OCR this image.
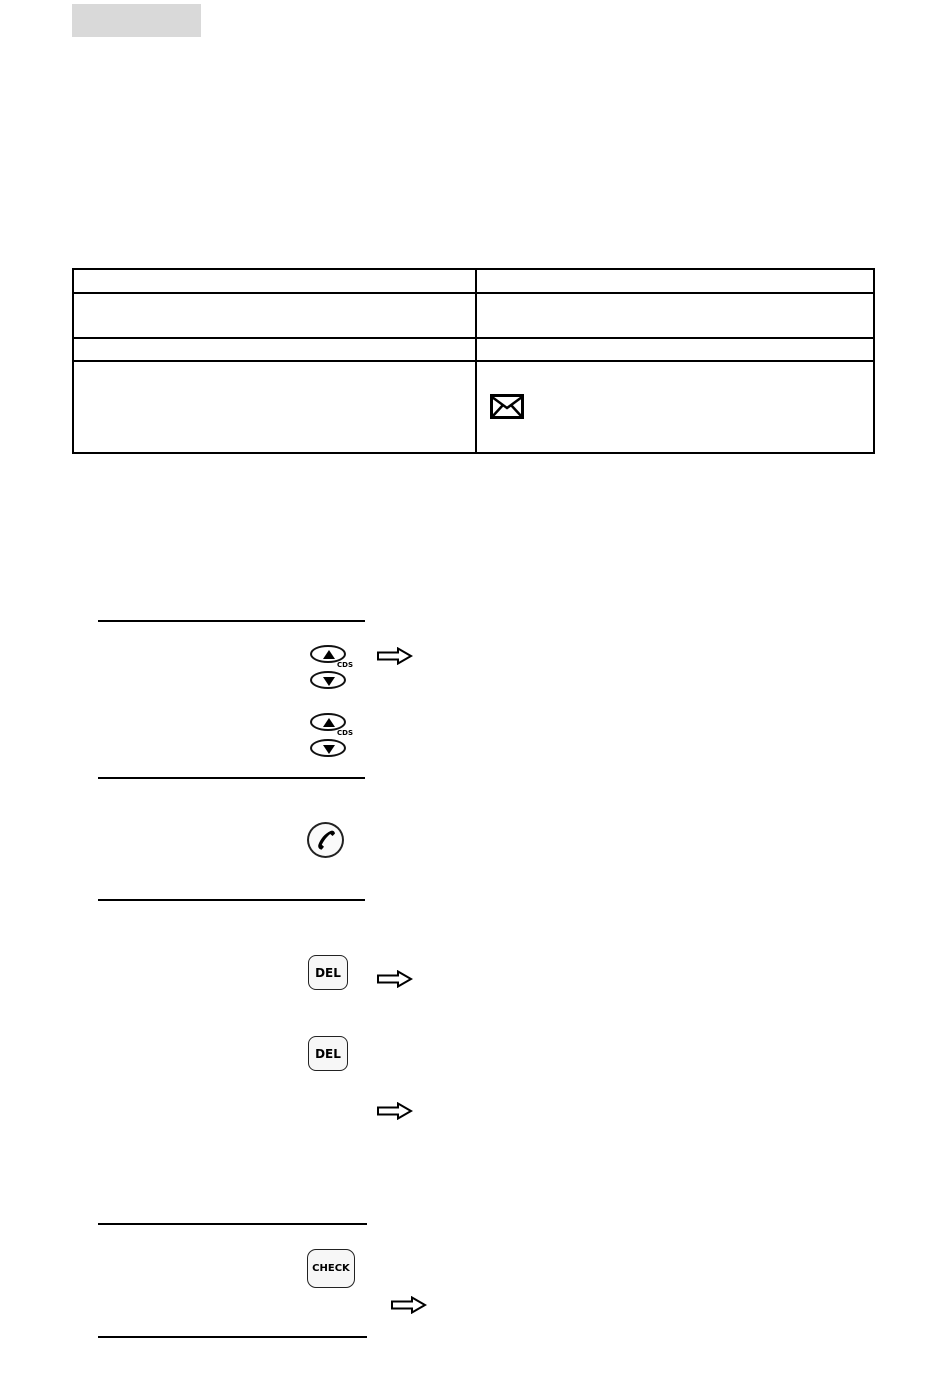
CDS
CDS
DEL
DEL
CHECK
